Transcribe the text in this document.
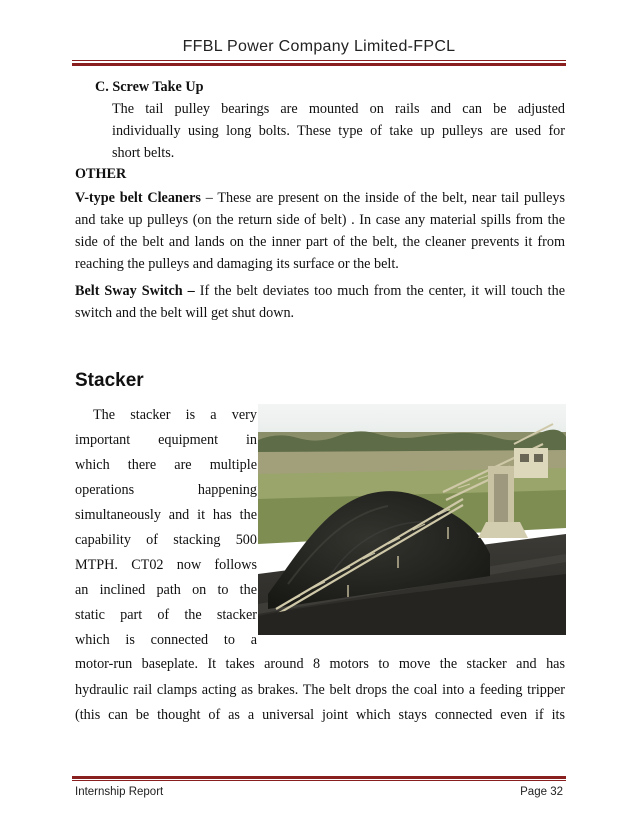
FFBL Power Company Limited-FPCL
C. Screw Take Up
The tail pulley bearings are mounted on rails and can be adjusted
individually using long bolts. These type of take up pulleys are used for
short belts.
OTHER
V-type belt Cleaners – These are present on the inside of the belt, near tail pulleys
and take up pulleys (on the return side of belt) . In case any material spills from the
side of the belt and lands on the inner part of the belt, the cleaner prevents it from
reaching the pulleys and damaging its surface or the belt.
Belt Sway Switch – If the belt deviates too much from the center, it will touch the
switch and the belt will get shut down.
Stacker
The stacker is a very
important equipment in
which there are multiple
operations happening
simultaneously and it has the
capability of stacking 500
MTPH. CT02 now follows
an inclined path on to the
static part of the stacker
which is connected to a
motor-run baseplate. It takes around 8 motors to move the stacker and has
hydraulic rail clamps acting as brakes. The belt drops the coal into a feeding tripper
(this can be thought of as a universal joint which stays connected even if its
Internship Report	Page 32
